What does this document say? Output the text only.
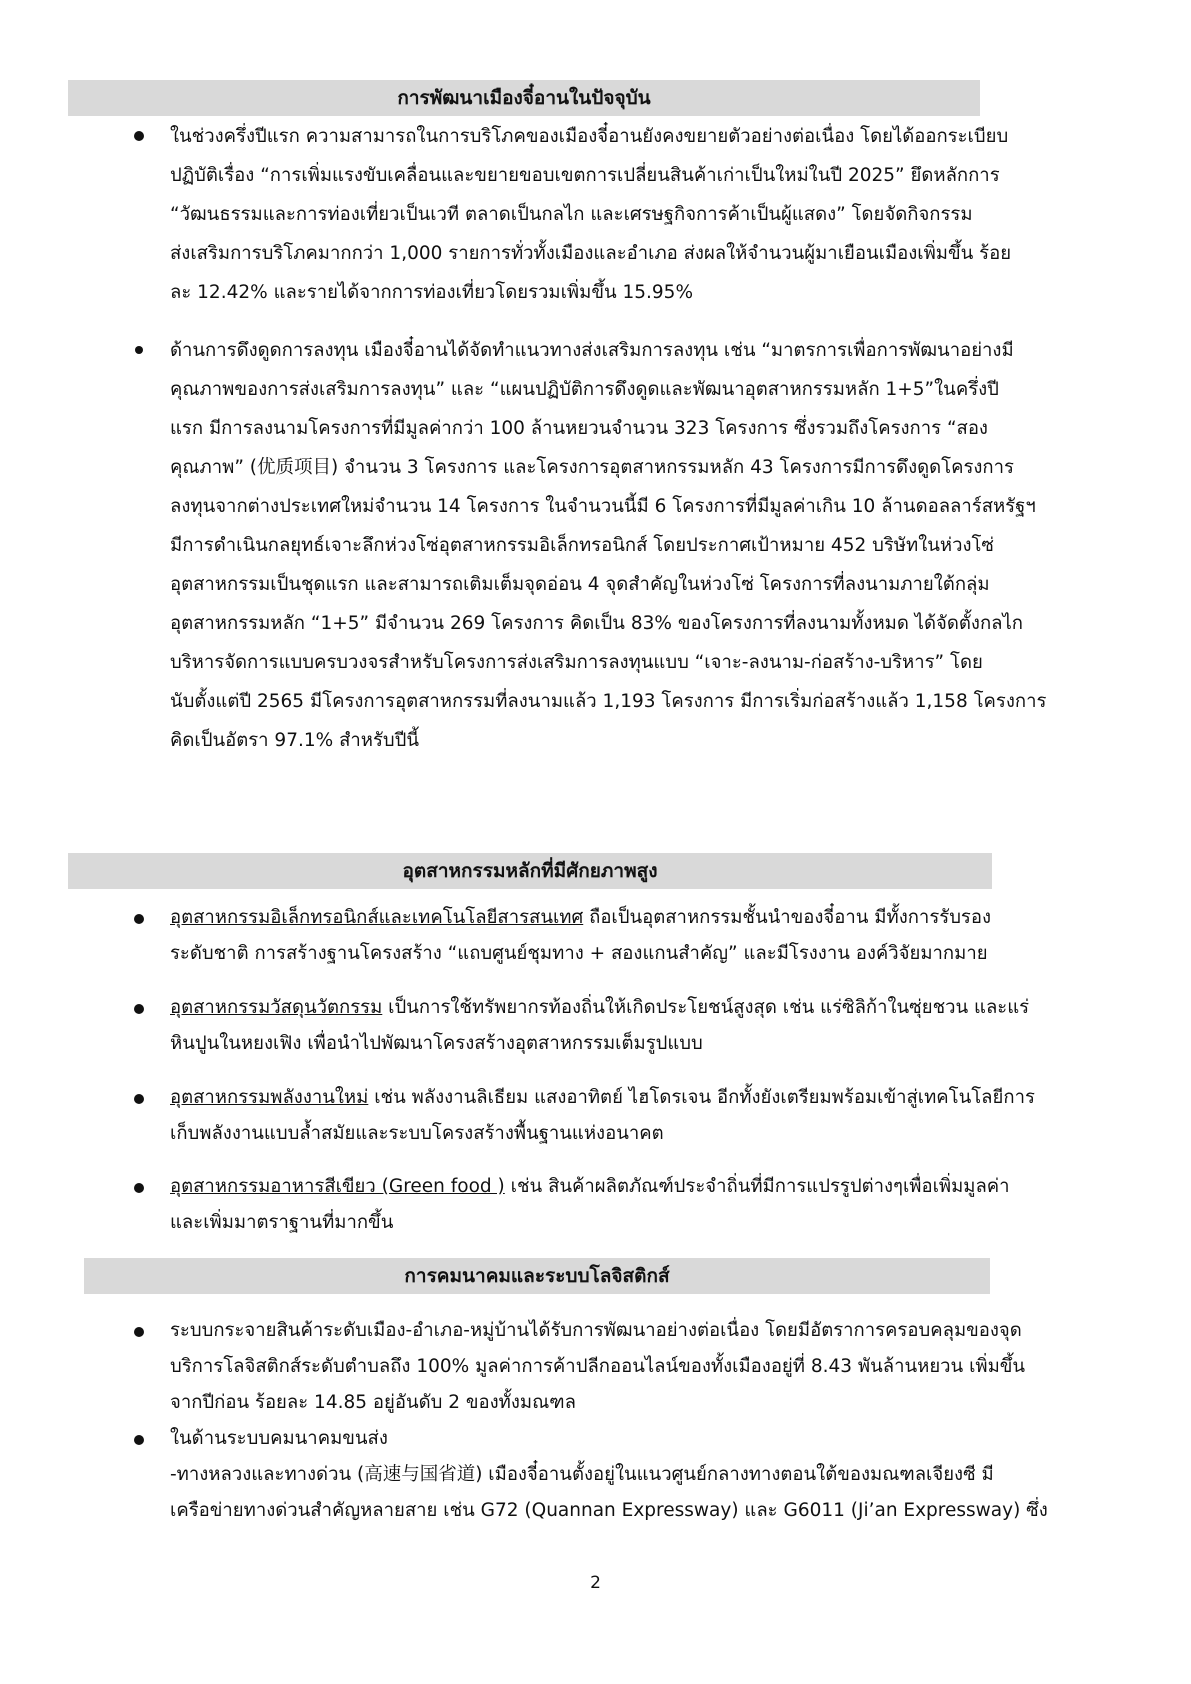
การพัฒนาเมืองจี๋อานในปัจจุบัน
ในช่วงครึ่งปีแรก ความสามารถในการบริโภคของเมืองจี๋อานยังคงขยายตัวอย่างต่อเนื่อง โดยได้ออกระเบียบ
ปฏิบัติเรื่อง “การเพิ่มแรงขับเคลื่อนและขยายขอบเขตการเปลี่ยนสินค้าเก่าเป็นใหม่ในปี 2025” ยึดหลักการ
“วัฒนธรรมและการท่องเที่ยวเป็นเวที ตลาดเป็นกลไก และเศรษฐกิจการค้าเป็นผู้แสดง” โดยจัดกิจกรรม
ส่งเสริมการบริโภคมากกว่า 1,000 รายการทั่วทั้งเมืองและอำเภอ ส่งผลให้จำนวนผู้มาเยือนเมืองเพิ่มขึ้น ร้อย
ละ 12.42% และรายได้จากการท่องเที่ยวโดยรวมเพิ่มขึ้น 15.95%
ด้านการดึงดูดการลงทุน เมืองจี๋อานได้จัดทำแนวทางส่งเสริมการลงทุน เช่น “มาตรการเพื่อการพัฒนาอย่างมี
คุณภาพของการส่งเสริมการลงทุน” และ “แผนปฏิบัติการดึงดูดและพัฒนาอุตสาหกรรมหลัก 1+5”ในครึ่งปี
แรก มีการลงนามโครงการที่มีมูลค่ากว่า 100 ล้านหยวนจำนวน 323 โครงการ ซึ่งรวมถึงโครงการ “สอง
คุณภาพ” (优质项目) จำนวน 3 โครงการ และโครงการอุตสาหกรรมหลัก 43 โครงการมีการดึงดูดโครงการ
ลงทุนจากต่างประเทศใหม่จำนวน 14 โครงการ ในจำนวนนี้มี 6 โครงการที่มีมูลค่าเกิน 10 ล้านดอลลาร์สหรัฐฯ
มีการดำเนินกลยุทธ์เจาะลึกห่วงโซ่อุตสาหกรรมอิเล็กทรอนิกส์ โดยประกาศเป้าหมาย 452 บริษัทในห่วงโซ่
อุตสาหกรรมเป็นชุดแรก และสามารถเติมเต็มจุดอ่อน 4 จุดสำคัญในห่วงโซ่ โครงการที่ลงนามภายใต้กลุ่ม
อุตสาหกรรมหลัก “1+5” มีจำนวน 269 โครงการ คิดเป็น 83% ของโครงการที่ลงนามทั้งหมด ได้จัดตั้งกลไก
บริหารจัดการแบบครบวงจรสำหรับโครงการส่งเสริมการลงทุนแบบ “เจาะ-ลงนาม-ก่อสร้าง-บริหาร” โดย
นับตั้งแต่ปี 2565 มีโครงการอุตสาหกรรมที่ลงนามแล้ว 1,193 โครงการ มีการเริ่มก่อสร้างแล้ว 1,158 โครงการ
คิดเป็นอัตรา 97.1% สำหรับปีนี้
อุตสาหกรรมหลักที่มีศักยภาพสูง
อุตสาหกรรมอิเล็กทรอนิกส์และเทคโนโลยีสารสนเทศ ถือเป็นอุตสาหกรรมชั้นนำของจี๋อาน มีทั้งการรับรอง
ระดับชาติ การสร้างฐานโครงสร้าง “แถบศูนย์ชุมทาง + สองแกนสำคัญ” และมีโรงงาน องค์วิจัยมากมาย
อุตสาหกรรมวัสดุนวัตกรรม เป็นการใช้ทรัพยากรท้องถิ่นให้เกิดประโยชน์สูงสุด เช่น แร่ซิลิก้าในซุ่ยชวน และแร่
หินปูนในหยงเฟิง เพื่อนำไปพัฒนาโครงสร้างอุตสาหกรรมเต็มรูปแบบ
อุตสาหกรรมพลังงานใหม่ เช่น พลังงานลิเธียม แสงอาทิตย์ ไฮโดรเจน อีกทั้งยังเตรียมพร้อมเข้าสู่เทคโนโลยีการ
เก็บพลังงานแบบล้ำสมัยและระบบโครงสร้างพื้นฐานแห่งอนาคต
อุตสาหกรรมอาหารสีเขียว (Green food ) เช่น สินค้าผลิตภัณฑ์ประจำถิ่นที่มีการแปรรูปต่างๆเพื่อเพิ่มมูลค่า
และเพิ่มมาตราฐานที่มากขึ้น
การคมนาคมและระบบโลจิสติกส์
ระบบกระจายสินค้าระดับเมือง-อำเภอ-หมู่บ้านได้รับการพัฒนาอย่างต่อเนื่อง โดยมีอัตราการครอบคลุมของจุด
บริการโลจิสติกส์ระดับตำบลถึง 100% มูลค่าการค้าปลีกออนไลน์ของทั้งเมืองอยู่ที่ 8.43 พันล้านหยวน เพิ่มขึ้น
จากปีก่อน ร้อยละ 14.85 อยู่อันดับ 2 ของทั้งมณฑล
ในด้านระบบคมนาคมขนส่ง
-ทางหลวงและทางด่วน (高速与国省道) เมืองจี๋อานตั้งอยู่ในแนวศูนย์กลางทางตอนใต้ของมณฑลเจียงซี มี
เครือข่ายทางด่วนสำคัญหลายสาย เช่น G72 (Quannan Expressway) และ G6011 (Ji’an Expressway) ซึ่ง
2
